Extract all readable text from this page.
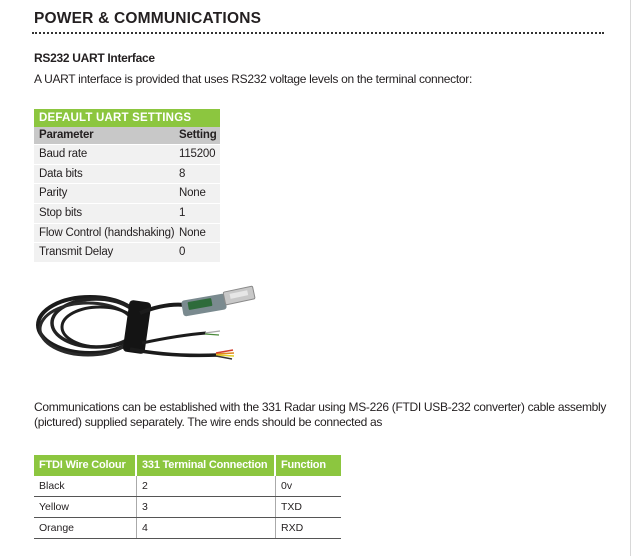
POWER & COMMUNICATIONS
RS232 UART Interface
A UART interface is provided that uses RS232 voltage levels on the terminal connector:
DEFAULT UART SETTINGS
Parameter	Setting
Baud rate	115200
Data bits	8
Parity	None
Stop bits	1
Flow Control (handshaking) None
Transmit Delay	0
Communications can be established with the 331 Radar using MS-226 (FTDI USB-232 converter) cable assembly
(pictured) supplied separately. The wire ends should be connected as
FTDI Wire Colour	331 Terminal Connection	Function
Black	2	0v
Yellow	3	TXD
Orange	4	RXD
